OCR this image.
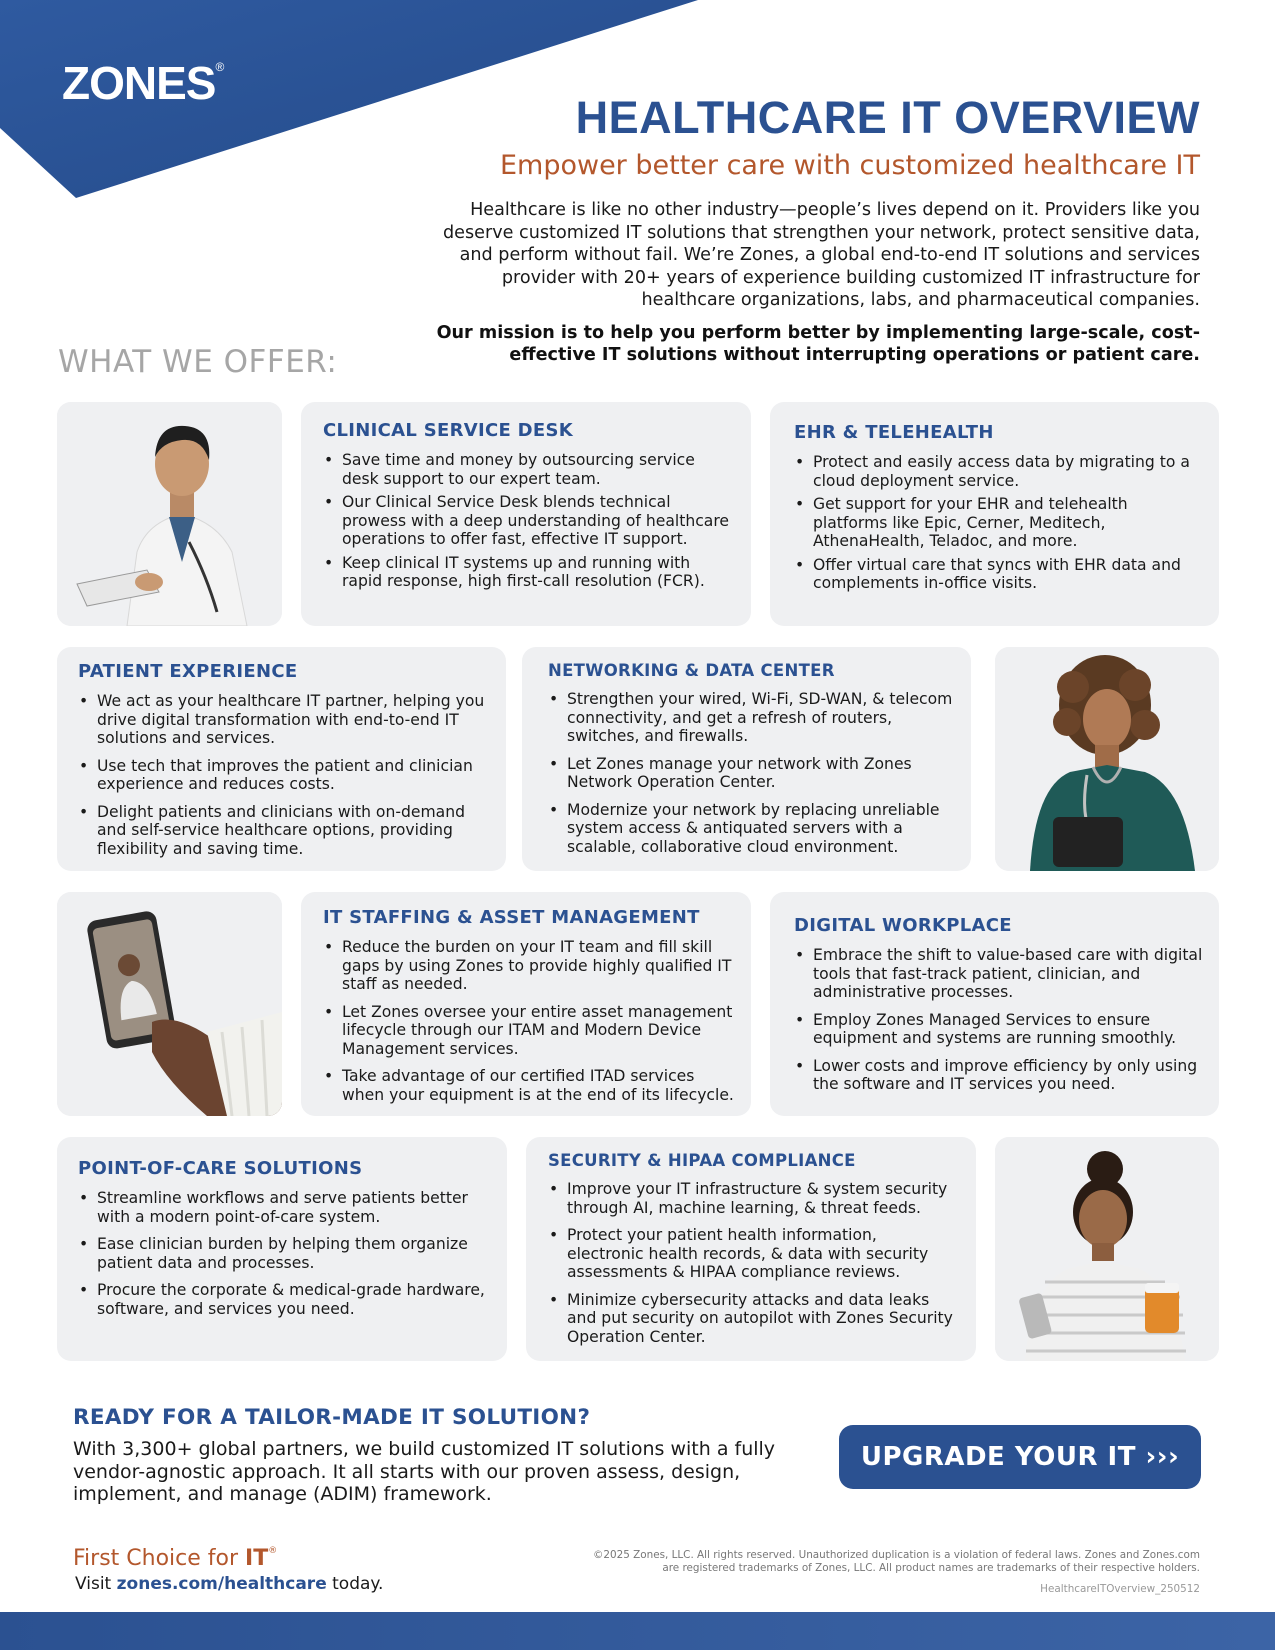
ZONES®
HEALTHCARE IT OVERVIEW
Empower better care with customized healthcare IT

Healthcare is like no other industry—people’s lives depend on it. Providers like you deserve customized IT solutions that strengthen your network, protect sensitive data, and perform without fail. We’re Zones, a global end-to-end IT solutions and services provider with 20+ years of experience building customized IT infrastructure for healthcare organizations, labs, and pharmaceutical companies.

Our mission is to help you perform better by implementing large-scale, cost-effective IT solutions without interrupting operations or patient care.

WHAT WE OFFER:
CLINICAL SERVICE DESK
• Save time and money by outsourcing service desk support to our expert team.
• Our Clinical Service Desk blends technical prowess with a deep understanding of healthcare operations to offer fast, effective IT support.
• Keep clinical IT systems up and running with rapid response, high first-call resolution (FCR).
EHR & TELEHEALTH
• Protect and easily access data by migrating to a cloud deployment service.
• Get support for your EHR and telehealth platforms like Epic, Cerner, Meditech, AthenaHealth, Teladoc, and more.
• Offer virtual care that syncs with EHR data and complements in-office visits.
PATIENT EXPERIENCE
• We act as your healthcare IT partner, helping you drive digital transformation with end-to-end IT solutions and services.
• Use tech that improves the patient and clinician experience and reduces costs.
• Delight patients and clinicians with on-demand and self-service healthcare options, providing flexibility and saving time.
NETWORKING & DATA CENTER
• Strengthen your wired, Wi-Fi, SD-WAN, & telecom connectivity, and get a refresh of routers, switches, and firewalls.
• Let Zones manage your network with Zones Network Operation Center.
• Modernize your network by replacing unreliable system access & antiquated servers with a scalable, collaborative cloud environment.
IT STAFFING & ASSET MANAGEMENT
• Reduce the burden on your IT team and fill skill gaps by using Zones to provide highly qualified IT staff as needed.
• Let Zones oversee your entire asset management lifecycle through our ITAM and Modern Device Management services.
• Take advantage of our certified ITAD services when your equipment is at the end of its lifecycle.
DIGITAL WORKPLACE
• Embrace the shift to value-based care with digital tools that fast-track patient, clinician, and administrative processes.
• Employ Zones Managed Services to ensure equipment and systems are running smoothly.
• Lower costs and improve efficiency by only using the software and IT services you need.
POINT-OF-CARE SOLUTIONS
• Streamline workflows and serve patients better with a modern point-of-care system.
• Ease clinician burden by helping them organize patient data and processes.
• Procure the corporate & medical-grade hardware, software, and services you need.
SECURITY & HIPAA COMPLIANCE
• Improve your IT infrastructure & system security through AI, machine learning, & threat feeds.
• Protect your patient health information, electronic health records, & data with security assessments & HIPAA compliance reviews.
• Minimize cybersecurity attacks and data leaks and put security on autopilot with Zones Security Operation Center.
READY FOR A TAILOR-MADE IT SOLUTION?

With 3,300+ global partners, we build customized IT solutions with a fully vendor-agnostic approach. It all starts with our proven assess, design, implement, and manage (ADIM) framework.

UPGRADE YOUR IT ›››
First Choice for IT®
Visit zones.com/healthcare today.

©2025 Zones, LLC. All rights reserved. Unauthorized duplication is a violation of federal laws. Zones and Zones.com are registered trademarks of Zones, LLC. All product names are trademarks of their respective holders.

HealthcareITOverview_250512
